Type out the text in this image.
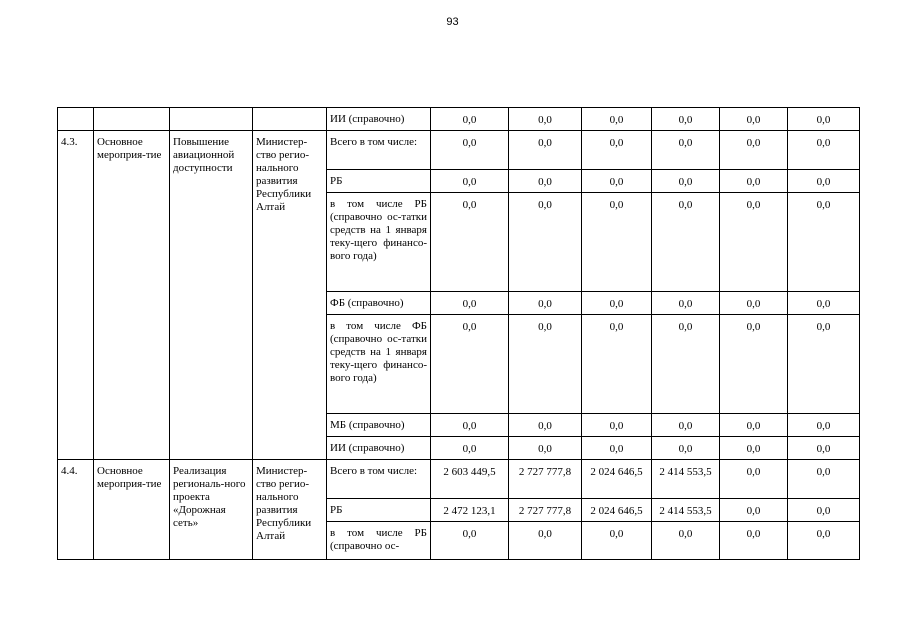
93
				ИИ (справочно)	0,0	0,0	0,0	0,0	0,0	0,0
4.3.	Основное мероприя-тие	Повышение авиационной доступности	Министер-ство регио-нального развития Республики Алтай	Всего в том числе:	0,0	0,0	0,0	0,0	0,0	0,0
				РБ	0,0	0,0	0,0	0,0	0,0	0,0
				в том числе РБ (справочно ос-татки средств на 1 января теку-щего финансо-вого года)	0,0	0,0	0,0	0,0	0,0	0,0
				ФБ (справочно)	0,0	0,0	0,0	0,0	0,0	0,0
				в том числе ФБ (справочно ос-татки средств на 1 января теку-щего финансо-вого года)	0,0	0,0	0,0	0,0	0,0	0,0
				МБ (справочно)	0,0	0,0	0,0	0,0	0,0	0,0
				ИИ (справочно)	0,0	0,0	0,0	0,0	0,0	0,0
4.4.	Основное мероприя-тие	Реализация региональ-ного проекта «Дорожная сеть»	Министер-ство регио-нального развития Республики Алтай	Всего в том числе:	2 603 449,5	2 727 777,8	2 024 646,5	2 414 553,5	0,0	0,0
				РБ	2 472 123,1	2 727 777,8	2 024 646,5	2 414 553,5	0,0	0,0
				в том числе РБ (справочно ос-	0,0	0,0	0,0	0,0	0,0	0,0
